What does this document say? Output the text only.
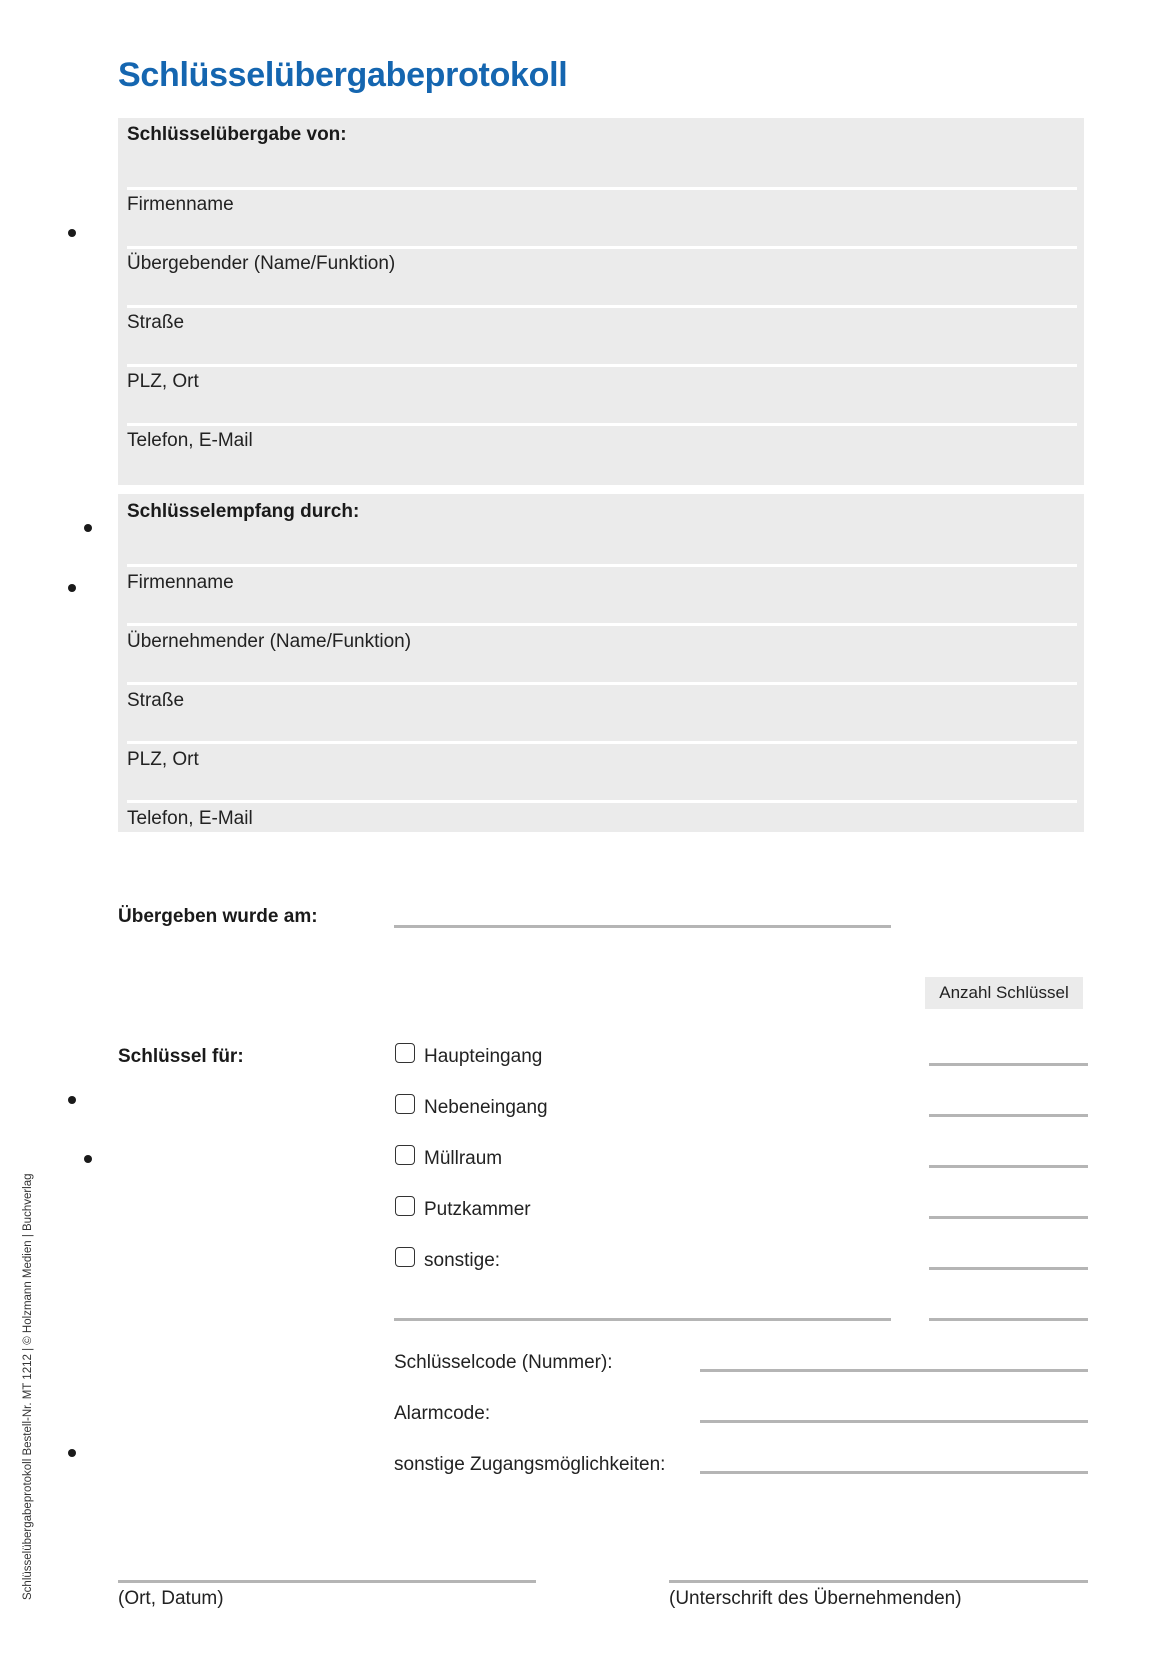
Schlüsselübergabeprotokoll
Schlüsselübergabe von:
Firmenname
Übergebender (Name/Funktion)
Straße
PLZ, Ort
Telefon, E-Mail
Schlüsselempfang durch:
Firmenname
Übernehmender (Name/Funktion)
Straße
PLZ, Ort
Telefon, E-Mail
Übergeben wurde am:
Anzahl Schlüssel
Schlüssel für:	Haupteingang
Nebeneingang
Müllraum
Putzkammer
sonstige:
Schlüsselcode (Nummer):
Alarmcode:
sonstige Zugangsmöglichkeiten:
(Ort, Datum)	(Unterschrift des Übernehmenden)
Schlüsselübergabeprotokoll Bestell-Nr. MT 1212 | © Holzmann Medien | Buchverlag
